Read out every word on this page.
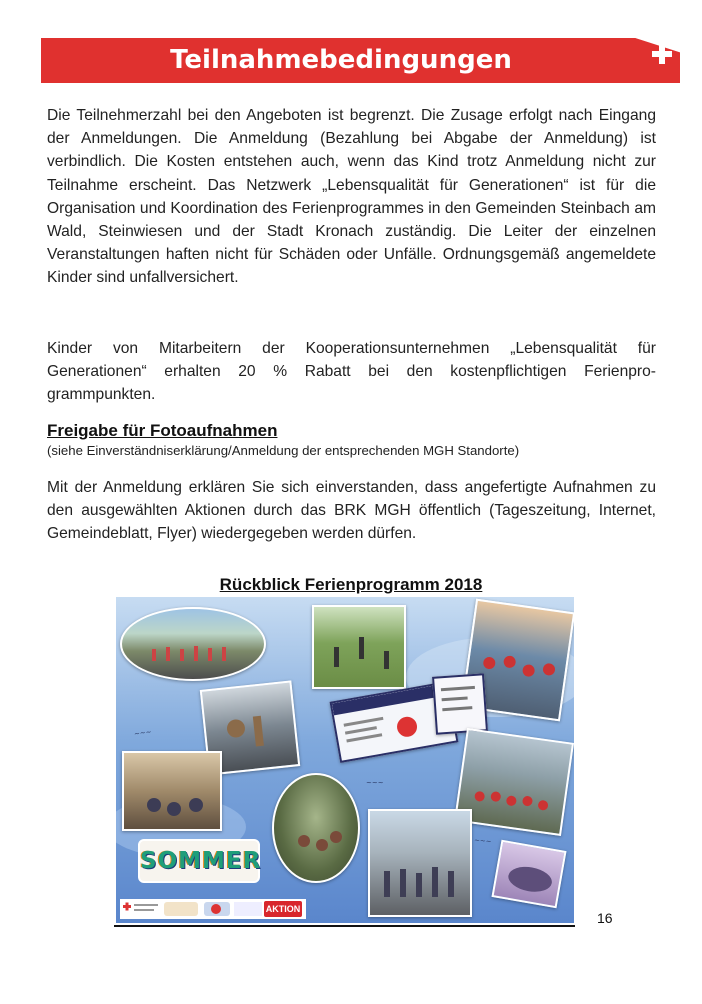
Teilnahmebedingungen

Die Teilnehmerzahl bei den Angeboten ist begrenzt. Die Zusage erfolgt nach Eingang der Anmeldungen. Die Anmeldung (Bezahlung bei Abgabe der Anmeldung) ist verbindlich. Die Kosten entstehen auch, wenn das Kind trotz Anmeldung nicht zur Teilnahme erscheint. Das Netzwerk „Lebensqualität für Generationen“ ist für die Organisation und Koordination des Ferienprogrammes in den Gemeinden Steinbach am Wald, Steinwiesen und der Stadt Kronach zuständig. Die Leiter der einzelnen Veranstaltungen haften nicht für Schäden oder Unfälle. Ordnungsgemäß angemeldete Kinder sind unfallversichert.

Kinder von Mitarbeitern der Kooperationsunternehmen „Lebensqualität für Generationen“ erhalten 20 % Rabatt bei den kostenpflichtigen Ferienpro-grammpunkten.

Freigabe für Fotoaufnahmen
(siehe Einverständniserklärung/Anmeldung der entsprechenden MGH Standorte)

Mit der Anmeldung erklären Sie sich einverstanden, dass angefertigte Aufnahmen zu den ausgewählten Aktionen durch das BRK MGH öffentlich (Tageszeitung, Internet, Gemeindeblatt, Flyer) wiedergegeben werden dürfen.

Rückblick Ferienprogramm 2018
~~~
~~~
~~~
SOMMER
AKTION
16
